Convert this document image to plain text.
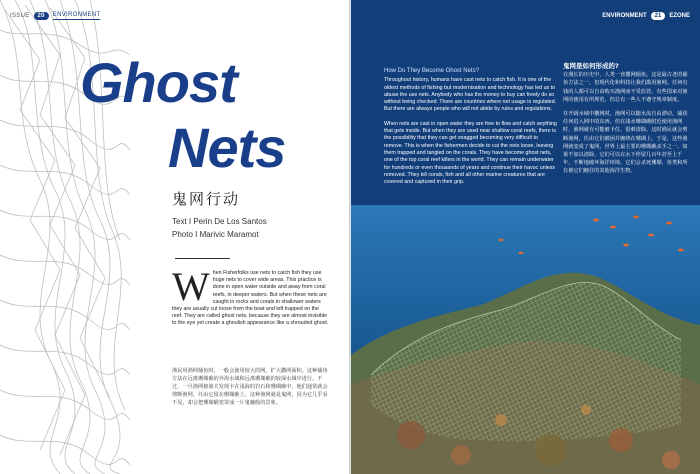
ISSUE	20	ENVIRONMENT
Ghost
Nets
鬼网行动
Text I Perin De Los Santos
Photo I Marivic Maramot
W hen Fisherfolks use nets to catch fish they use huge nets to cover wide areas. This practice is done in open water outside and away from coral reefs, in deeper waters. But when these nets are caught in rocks and corals in shallower waters they are usually cut loose from the boat and left trapped on the reef. They are called ghost nets, because they are almost invisible to the eye yet create a ghoulish appearance like a shrouded ghost.
渔民用渔网捕鱼时，一般会使用较大的网，扩大撒网面积。这种捕鱼方法在远离珊瑚礁的外海水域和远离珊瑚礁的较深水域中进行。不过，一旦渔网被渔夫发现卡在浅海的岩石和珊瑚礁中，他们通常就会剪断渔网，任由它留在珊瑚礁上。这种渔网就是鬼网，因为它几乎看不见，却会把珊瑚礁笼罩成一片鬼魅般的景象。
ENVIRONMENT	21	EZONE
How Do They Become Ghost Nets?

Throughout history, humans have cast nets to catch fish. It is one of the oldest methods of fishing but modernisation and technology has led us to abuse the use nets. Anybody who has the money to buy can freely do so without being checked. There are countries where net usage is regulated. But there are always people who will not abide by rules and regulations.

When nets are cast in open water they are free to flow and catch anything that gets inside. But when they are used near shallow coral reefs, there is the possibility that they can get snagged becoming very difficult to remove. This is when the fishermen decide to cut the nets loose, leaving them trapped and tangled on the corals. They have become ghost nets, one of the top coral reef killers in the world. They can remain underwater for hundreds or even thousands of years and continue their havoc unless removed. They kill corals, fish and all other marine creatures that are covered and captured in their grip.

鬼网是如何形成的?

在漫长的历史中，人类一直撒网捕鱼。这是最古老的捕鱼方法之一，但现代化和科技让我们滥用渔网。任何有钱的人都可以自由购买渔网而不受监管。有些国家对渔网的使用有所规范，但总有一些人不遵守规章制度。

在开阔水域中撒网时，渔网可以随水流自由漂动，捕获任何进入网中的东西。但在浅水珊瑚礁附近使用渔网时，渔网就有可能被卡住，很难清除。这时渔民就会剪断渔网，任由它们被困并缠绕在珊瑚上。于是，这些渔网就变成了鬼网，世界上最主要的珊瑚礁杀手之一。如果不加以清除，它们可以在水下停留几百年甚至上千年，不断地破坏海洋环境。它们会杀死珊瑚、鱼类和所有被它们缠住的其他海洋生物。
